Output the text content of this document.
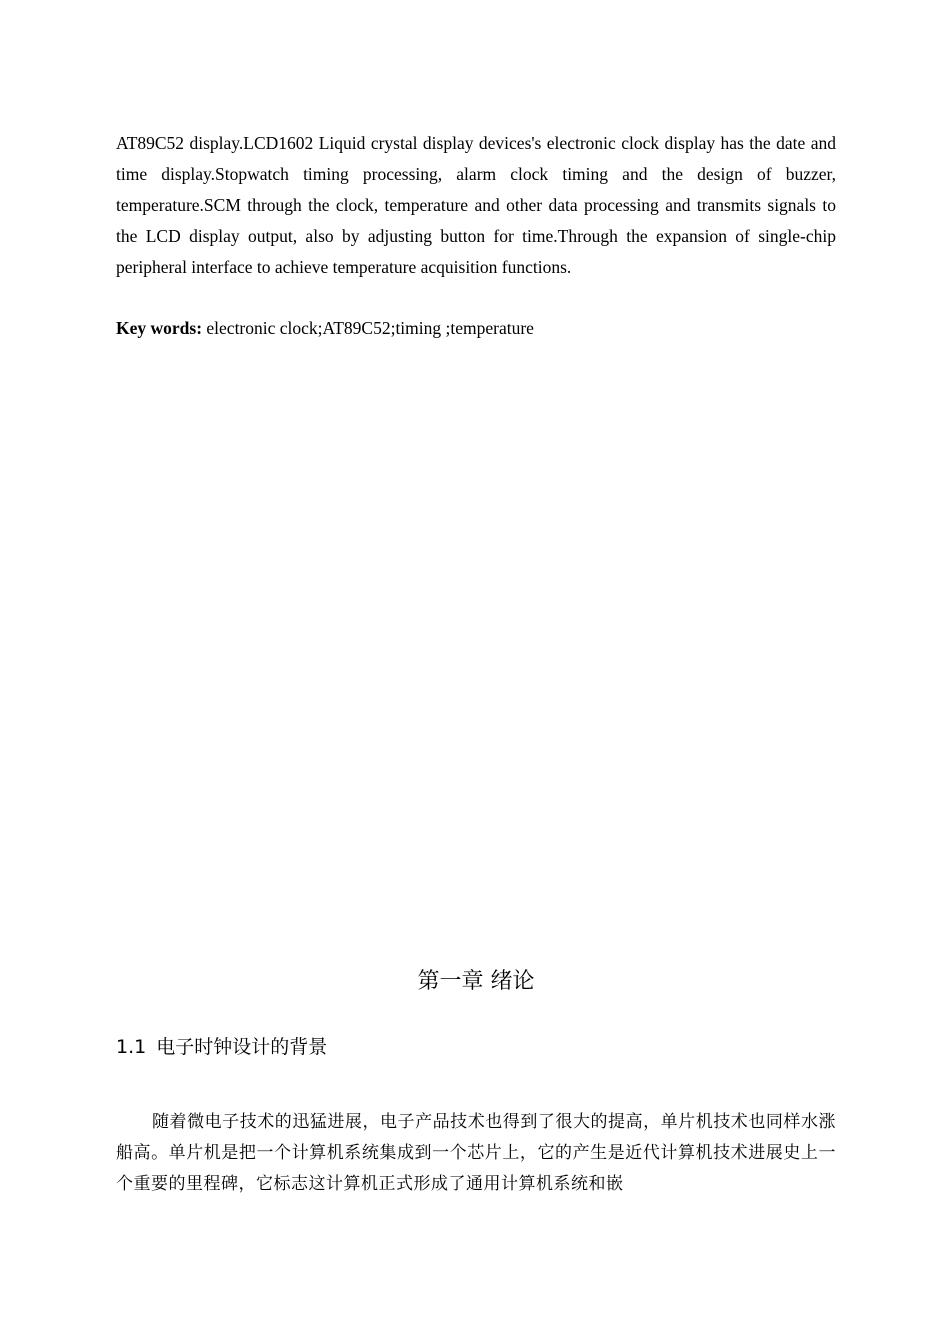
AT89C52 display.LCD1602 Liquid crystal display devices's electronic clock display has the date and time display.Stopwatch timing processing, alarm clock timing and the design of buzzer, temperature.SCM through the clock, temperature and other data processing and transmits signals to the LCD display output, also by adjusting button for time.Through the expansion of single-chip peripheral interface to achieve temperature acquisition functions.

Key words: electronic clock;AT89C52;timing ;temperature

第一章 绪论
1.1 电子时钟设计的背景

随着微电子技术的迅猛进展，电子产品技术也得到了很大的提高，单片机技术也同样水涨船高。单片机是把一个计算机系统集成到一个芯片上，它的产生是近代计算机技术进展史上一个重要的里程碑，它标志这计算机正式形成了通用计算机系统和嵌
